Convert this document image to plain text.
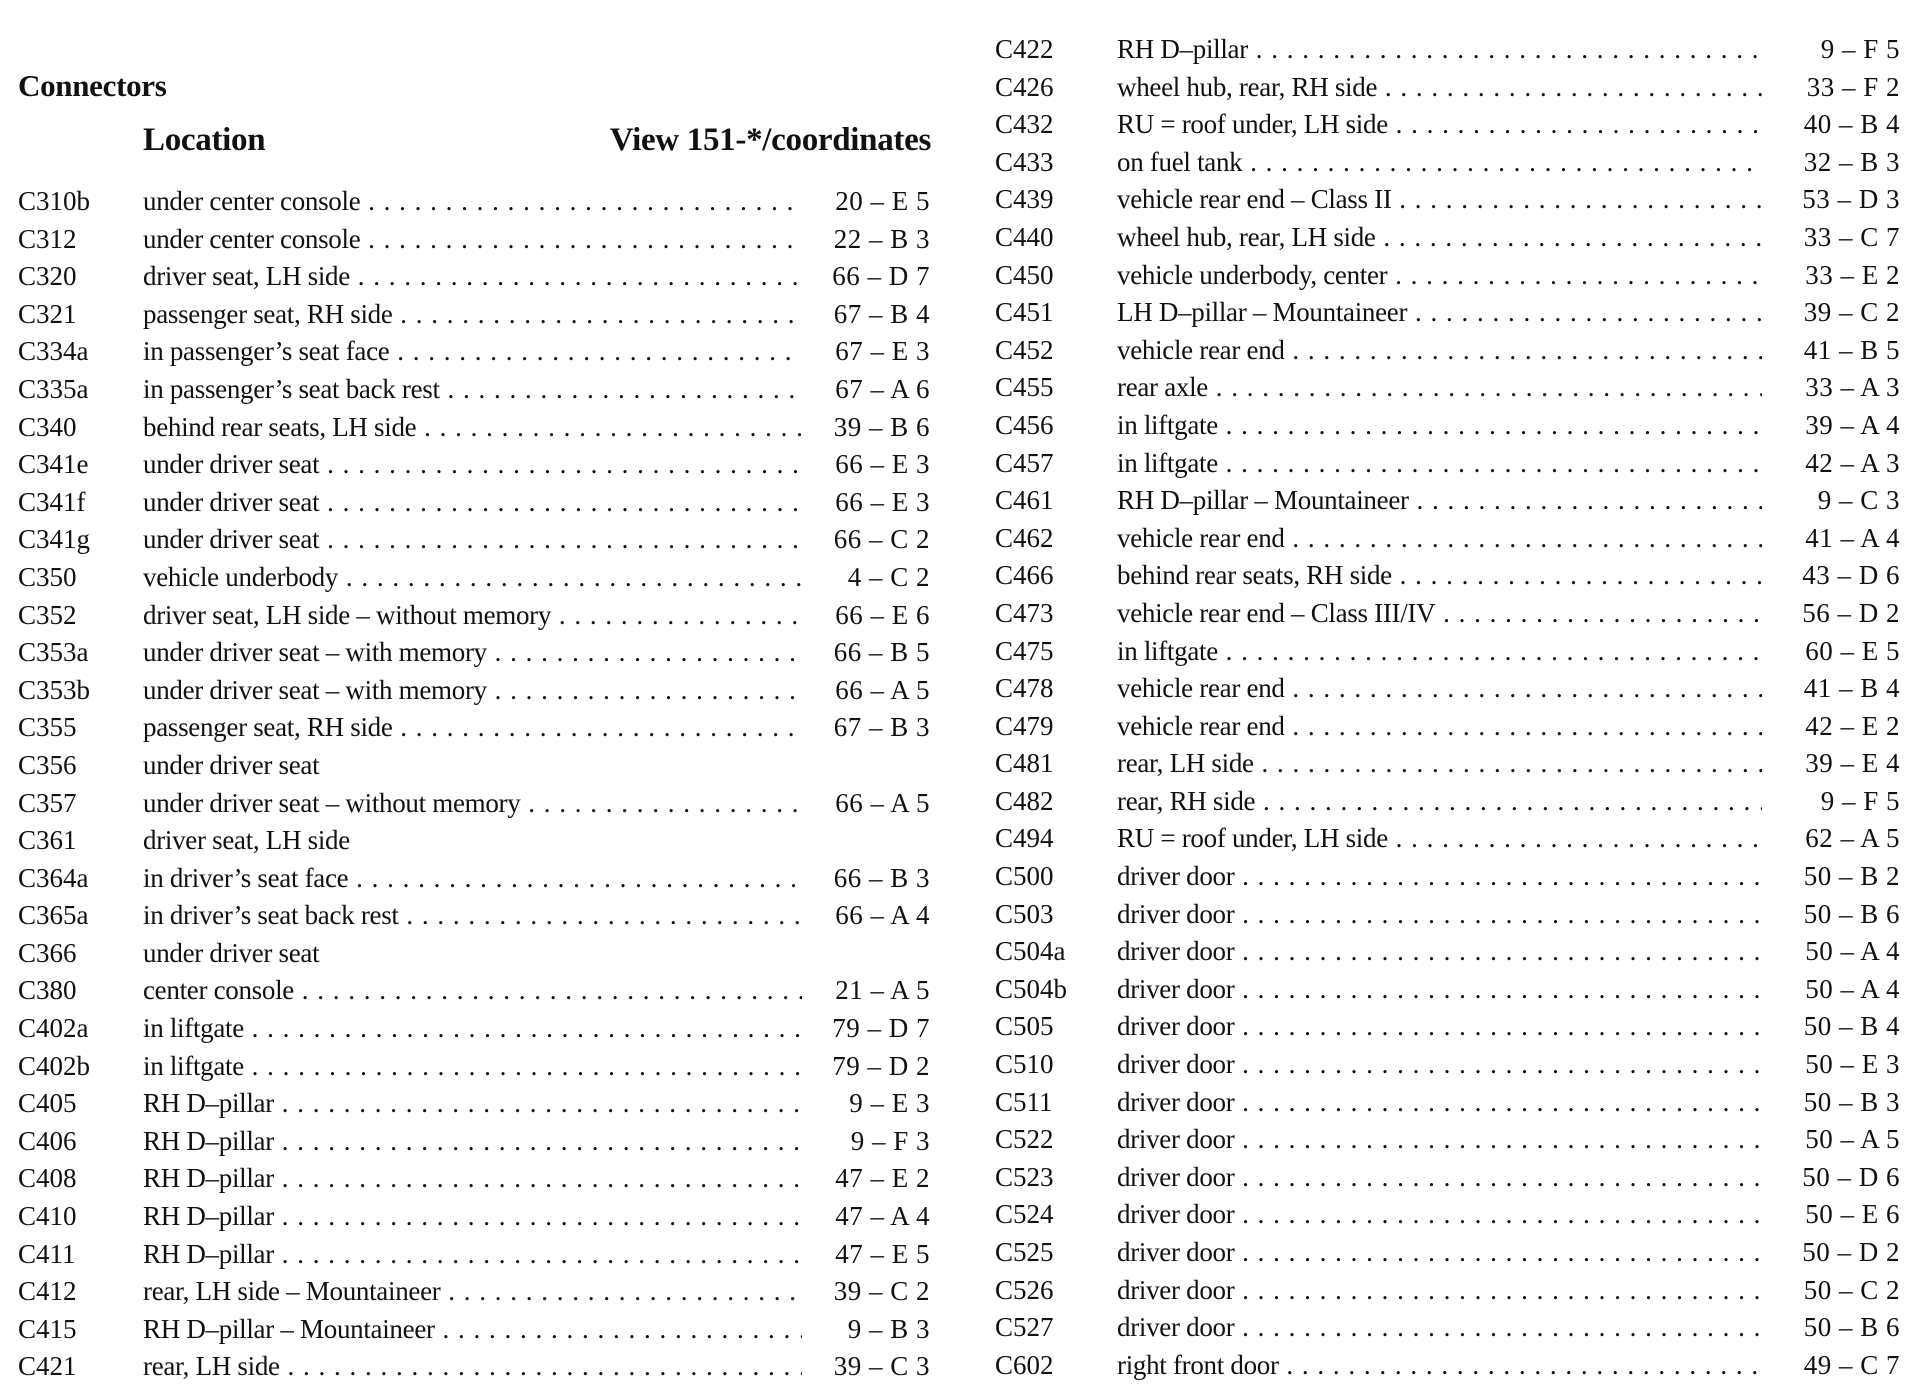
Connectors
Location	View 151-*/coordinates
C310b under center console . . .	20 – E 5
C312 under center console . . .	22 – B 3
C320 driver seat, LH side . . .	66 – D 7
C321 passenger seat, RH side . . .	67 – B 4
C334a in passenger’s seat face . . .	67 – E 3
C335a in passenger’s seat back rest . . .	67 – A 6
C340 behind rear seats, LH side . . .	39 – B 6
C341e under driver seat . . .	66 – E 3
C341f under driver seat . . .	66 – E 3
C341g under driver seat . . .	66 – C 2
C350 vehicle underbody . . .	4 – C 2
C352 driver seat, LH side – without memory . . .	66 – E 6
C353a under driver seat – with memory . . .	66 – B 5
C353b under driver seat – with memory . . .	66 – A 5
C355 passenger seat, RH side . . .	67 – B 3
C356 under driver seat
C357 under driver seat – without memory . . .	66 – A 5
C361 driver seat, LH side
C364a in driver’s seat face . . .	66 – B 3
C365a in driver’s seat back rest . . .	66 – A 4
C366 under driver seat
C380 center console . . .	21 – A 5
C402a in liftgate . . .	79 – D 7
C402b in liftgate . . .	79 – D 2
C405 RH D–pillar . . .	9 – E 3
C406 RH D–pillar . . .	9 – F 3
C408 RH D–pillar . . .	47 – E 2
C410 RH D–pillar . . .	47 – A 4
C411 RH D–pillar . . .	47 – E 5
C412 rear, LH side – Mountaineer . . .	39 – C 2
C415 RH D–pillar – Mountaineer . . .	9 – B 3
C421 rear, LH side . . .	39 – C 3
C422 RH D–pillar . . .	9 – F 5
C426 wheel hub, rear, RH side . . .	33 – F 2
C432 RU = roof under, LH side . . .	40 – B 4
C433 on fuel tank . . .	32 – B 3
C439 vehicle rear end – Class II . . .	53 – D 3
C440 wheel hub, rear, LH side . . .	33 – C 7
C450 vehicle underbody, center . . .	33 – E 2
C451 LH D–pillar – Mountaineer . . .	39 – C 2
C452 vehicle rear end . . .	41 – B 5
C455 rear axle . . .	33 – A 3
C456 in liftgate . . .	39 – A 4
C457 in liftgate . . .	42 – A 3
C461 RH D–pillar – Mountaineer . . .	9 – C 3
C462 vehicle rear end . . .	41 – A 4
C466 behind rear seats, RH side . . .	43 – D 6
C473 vehicle rear end – Class III/IV . . .	56 – D 2
C475 in liftgate . . .	60 – E 5
C478 vehicle rear end . . .	41 – B 4
C479 vehicle rear end . . .	42 – E 2
C481 rear, LH side . . .	39 – E 4
C482 rear, RH side . . .	9 – F 5
C494 RU = roof under, LH side . . .	62 – A 5
C500 driver door . . .	50 – B 2
C503 driver door . . .	50 – B 6
C504a driver door . . .	50 – A 4
C504b driver door . . .	50 – A 4
C505 driver door . . .	50 – B 4
C510 driver door . . .	50 – E 3
C511 driver door . . .	50 – B 3
C522 driver door . . .	50 – A 5
C523 driver door . . .	50 – D 6
C524 driver door . . .	50 – E 6
C525 driver door . . .	50 – D 2
C526 driver door . . .	50 – C 2
C527 driver door . . .	50 – B 6
C602 right front door . . .	49 – C 7
